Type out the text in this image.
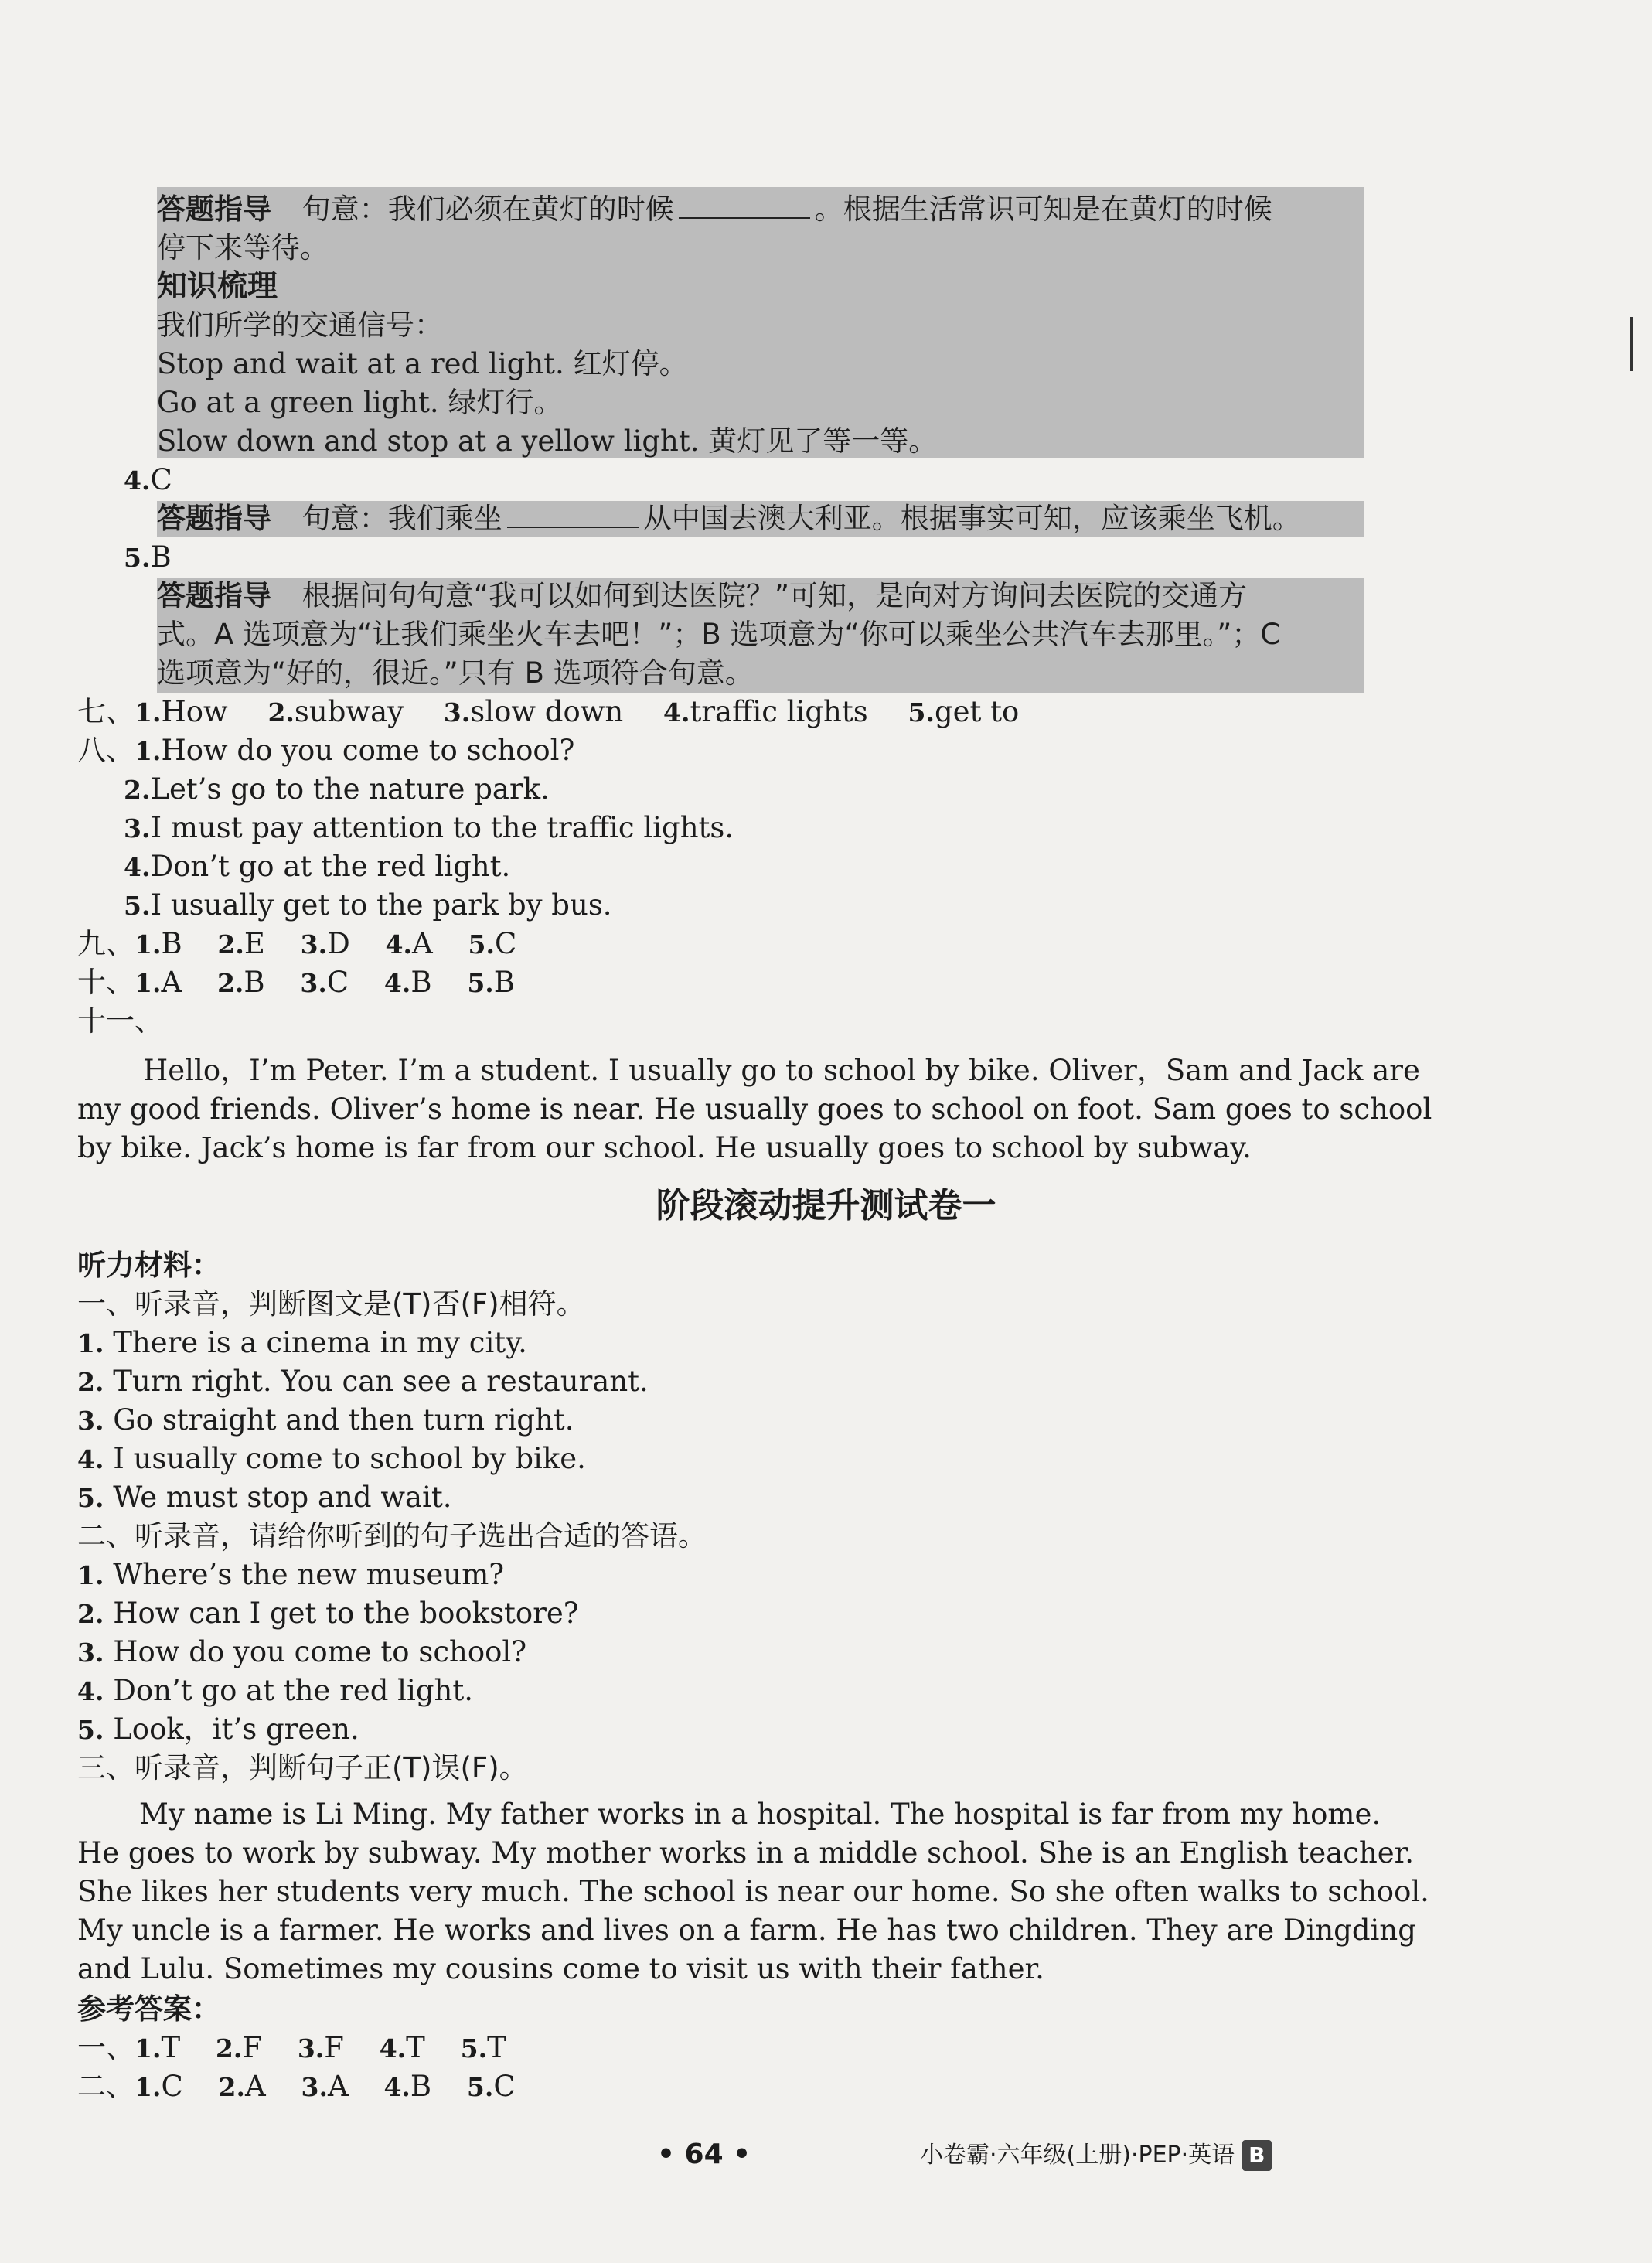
答题指导 句意：我们必须在黄灯的时候	。根据生活常识可知是在黄灯的时候
停下来等待。
知识梳理
我们所学的交通信号：
Stop and wait at a red light. 红灯停。
Go at a green light. 绿灯行。
Slow down and stop at a yellow light. 黄灯见了等一等。
4.C
答题指导 句意：我们乘坐	从中国去澳大利亚。根据事实可知，应该乘坐飞机。
5.B
答题指导 根据问句句意“我可以如何到达医院？”可知，是向对方询问去医院的交通方
式。A 选项意为“让我们乘坐火车去吧！”；B 选项意为“你可以乘坐公共汽车去那里。”；C
选项意为“好的，很近。”只有 B 选项符合句意。
七、1.How 2.subway 3.slow down 4.traffic lights 5.get to
八、1.How do you come to school?
2.Let’s go to the nature park.
3.I must pay attention to the traffic lights.
4.Don’t go at the red light.
5.I usually get to the park by bus.
九、1.B 2.E 3.D 4.A 5.C
十、1.A 2.B 3.C 4.B 5.B
十一、
Hello，I’m Peter. I’m a student. I usually go to school by bike. Oliver，Sam and Jack are
my good friends. Oliver’s home is near. He usually goes to school on foot. Sam goes to school
by bike. Jack’s home is far from our school. He usually goes to school by subway.
阶段滚动提升测试卷一
听力材料：
一、听录音，判断图文是(T)否(F)相符。
1. There is a cinema in my city.
2. Turn right. You can see a restaurant.
3. Go straight and then turn right.
4. I usually come to school by bike.
5. We must stop and wait.
二、听录音，请给你听到的句子选出合适的答语。
1. Where’s the new museum?
2. How can I get to the bookstore?
3. How do you come to school?
4. Don’t go at the red light.
5. Look，it’s green.
三、听录音，判断句子正(T)误(F)。
My name is Li Ming. My father works in a hospital. The hospital is far from my home.
He goes to work by subway. My mother works in a middle school. She is an English teacher.
She likes her students very much. The school is near our home. So she often walks to school.
My uncle is a farmer. He works and lives on a farm. He has two children. They are Dingding
and Lulu. Sometimes my cousins come to visit us with their father.
参考答案：
一、1.T 2.F 3.F 4.T 5.T
二、1.C 2.A 3.A 4.B 5.C
• 64 •	小卷霸·六年级(上册)·PEP·英语 B
